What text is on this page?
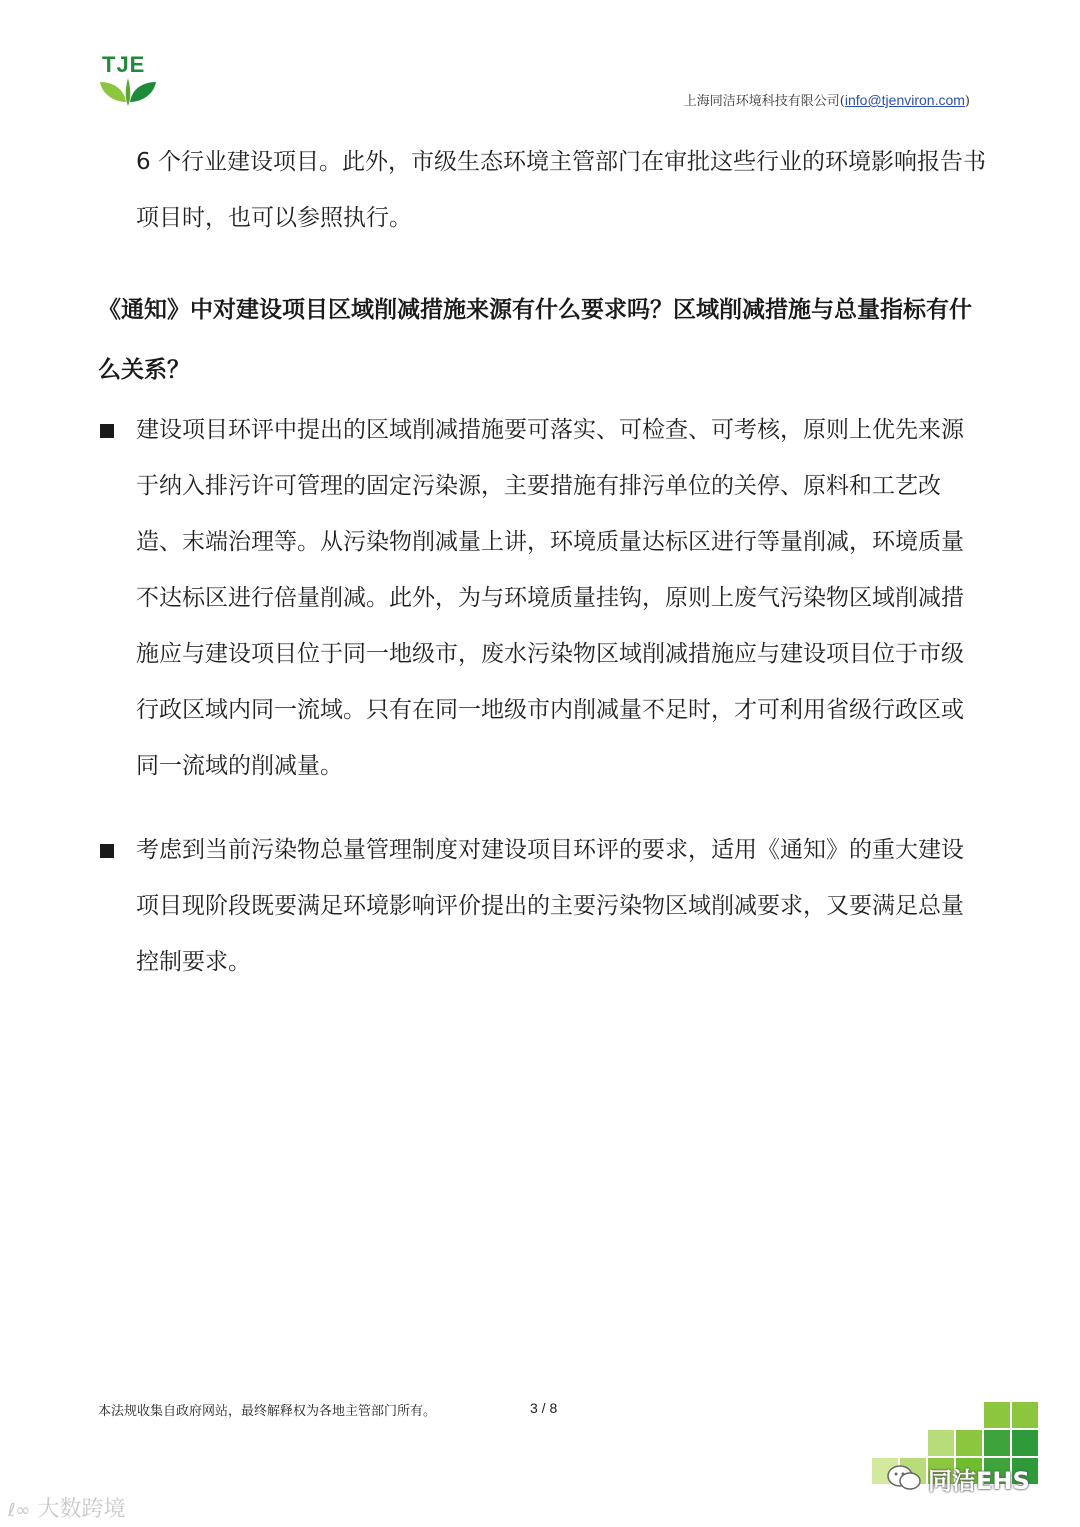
TJE
上海同洁环境科技有限公司(info@tjenviron.com)
6 个行业建设项目。此外，市级生态环境主管部门在审批这些行业的环境影响报告书项目时，也可以参照执行。
《通知》中对建设项目区域削减措施来源有什么要求吗？区域削减措施与总量指标有什么关系？
建设项目环评中提出的区域削减措施要可落实、可检查、可考核，原则上优先来源于纳入排污许可管理的固定污染源，主要措施有排污单位的关停、原料和工艺改造、末端治理等。从污染物削减量上讲，环境质量达标区进行等量削减，环境质量不达标区进行倍量削减。此外，为与环境质量挂钩，原则上废气污染物区域削减措施应与建设项目位于同一地级市，废水污染物区域削减措施应与建设项目位于市级行政区域内同一流域。只有在同一地级市内削减量不足时，才可利用省级行政区或同一流域的削减量。
考虑到当前污染物总量管理制度对建设项目环评的要求，适用《通知》的重大建设项目现阶段既要满足环境影响评价提出的主要污染物区域削减要求，又要满足总量控制要求。
本法规收集自政府网站，最终解释权为各地主管部门所有。	3 / 8
ℓ∞ 大数跨境
同洁EHS
